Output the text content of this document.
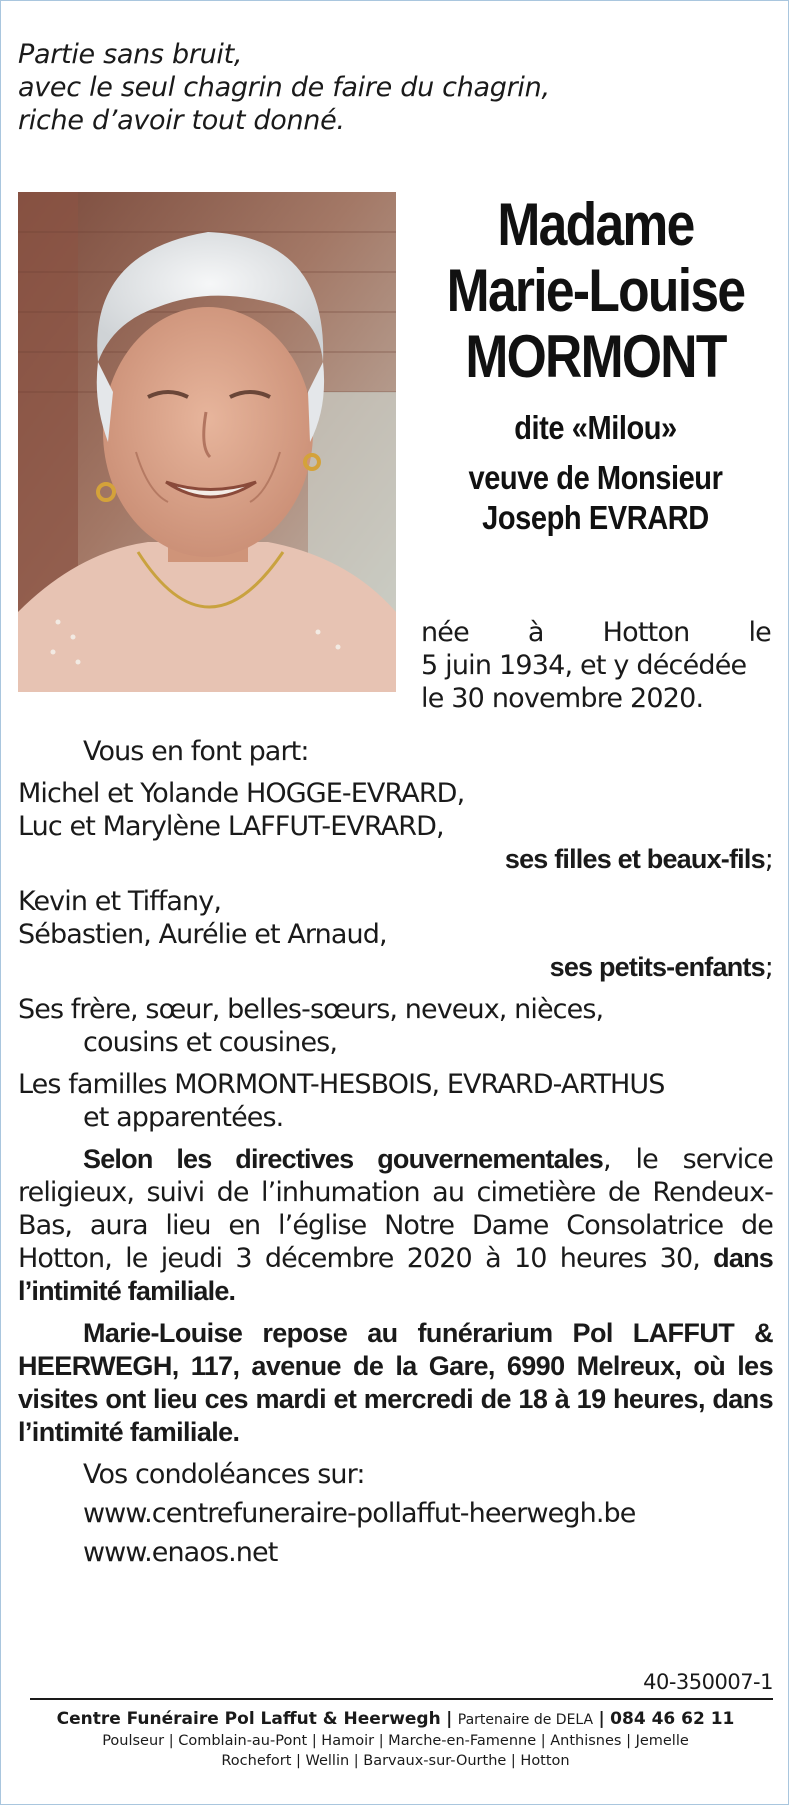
Partie sans bruit,
avec le seul chagrin de faire du chagrin,
riche d’avoir tout donné.
Madame
Marie-Louise
MORMONT
dite «Milou»
veuve de Monsieur
Joseph EVRARD
née à Hotton le
5 juin 1934, et y décédée
le 30 novembre 2020.
Vous en font part:
Michel et Yolande HOGGE-EVRARD,
Luc et Marylène LAFFUT-EVRARD,
ses filles et beaux-fils;
Kevin et Tiffany,
Sébastien, Aurélie et Arnaud,
ses petits-enfants;
Ses frère, sœur, belles-sœurs, neveux, nièces,
cousins et cousines,
Les familles MORMONT-HESBOIS, EVRARD-ARTHUS
et apparentées.
Selon les directives gouvernementales, le service religieux, suivi de l’inhumation au cimetière de Rendeux-Bas, aura lieu en l’église Notre Dame Consolatrice de Hotton, le jeudi 3 décembre 2020 à 10 heures 30, dans l’intimité familiale.
Marie-Louise repose au funérarium Pol LAFFUT & HEERWEGH, 117, avenue de la Gare, 6990 Melreux, où les visites ont lieu ces mardi et mercredi de 18 à 19 heures, dans l’intimité familiale.
Vos condoléances sur:
www.centrefuneraire-pollaffut-heerwegh.be
www.enaos.net
40-350007-1
Centre Funéraire Pol Laffut & Heerwegh | Partenaire de DELA | 084 46 62 11
Poulseur | Comblain-au-Pont | Hamoir | Marche-en-Famenne | Anthisnes | Jemelle
Rochefort | Wellin | Barvaux-sur-Ourthe | Hotton
